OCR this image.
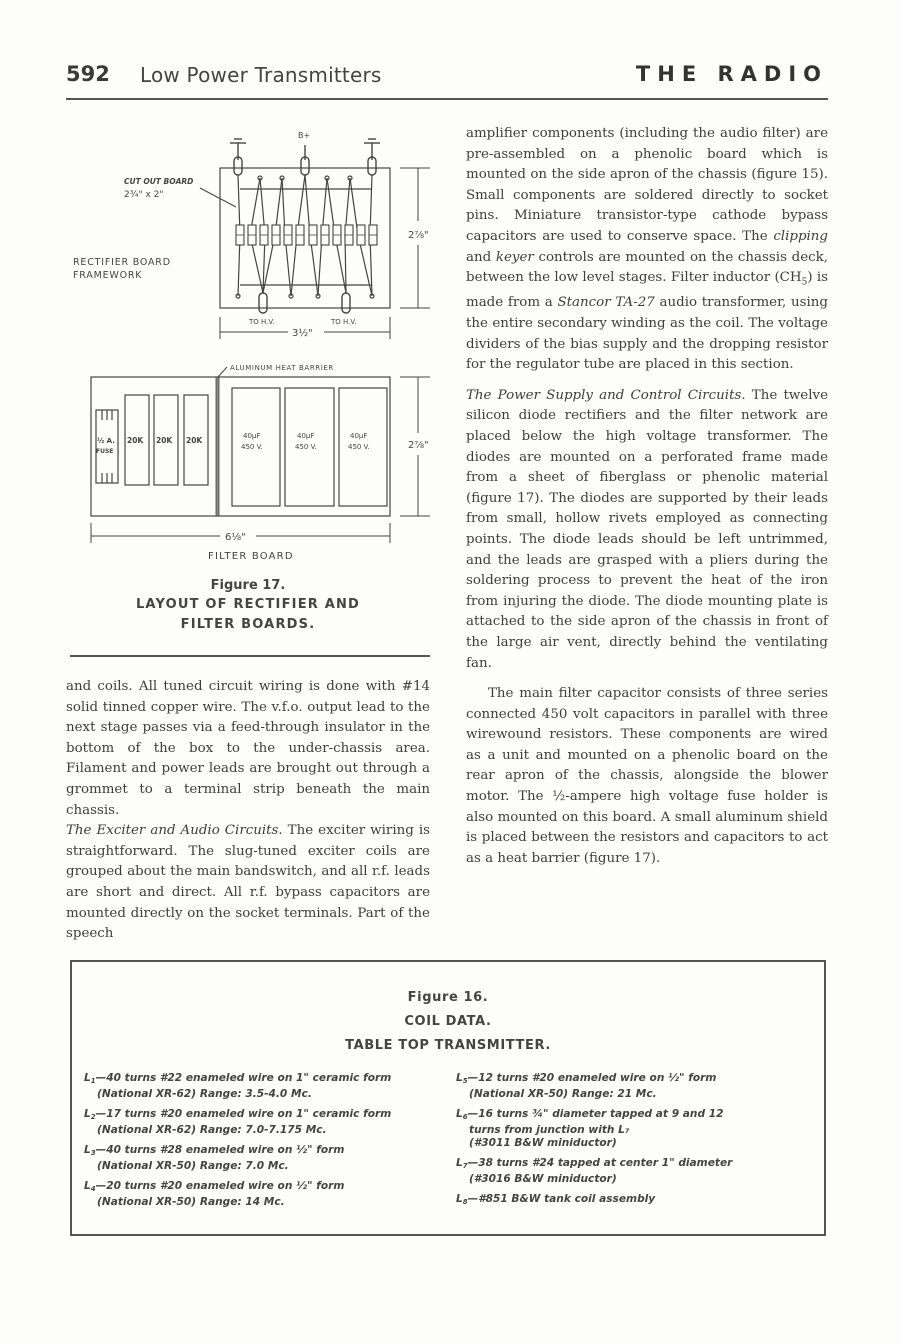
592 Low Power Transmitters	THE RADIO
B+
CUT OUT BOARD
2¾" x 2"
RECTIFIER BOARD
FRAMEWORK
TO H.V.	TO H.V.
3½"
2⅞"
ALUMINUM HEAT BARRIER
½ A.
FUSE
20K 20K 20K	40µF
450 V.
40µF
450 V.
40µF
450 V.	2⅞"
6⅛"
FILTER BOARD
Figure 17.
LAYOUT OF RECTIFIER AND
FILTER BOARDS.

and coils. All tuned circuit wiring is done with #14 solid tinned copper wire. The v.f.o. output lead to the next stage passes via a feed-through insulator in the bottom of the box to the under-chassis area. Filament and power leads are brought out through a grommet to a terminal strip beneath the main chassis.

The Exciter and Audio Circuits. The exciter wiring is straightforward. The slug-tuned exciter coils are grouped about the main bandswitch, and all r.f. leads are short and direct. All r.f. bypass capacitors are mounted directly on the socket terminals. Part of the speech

amplifier components (including the audio filter) are pre-assembled on a phenolic board which is mounted on the side apron of the chassis (figure 15). Small components are soldered directly to socket pins. Miniature transistor-type cathode bypass capacitors are used to conserve space. The clipping and keyer controls are mounted on the chassis deck, between the low level stages. Filter inductor $(CH_5)$ is made from a Stancor TA-27 audio transformer, using the entire secondary winding as the coil. The voltage dividers of the bias supply and the dropping resistor for the regulator tube are placed in this section.

The Power Supply and Control Circuits. The twelve silicon diode rectifiers and the filter network are placed below the high voltage transformer. The diodes are mounted on a perforated frame made from a sheet of fiberglass or phenolic material (figure 17). The diodes are supported by their leads from small, hollow rivets employed as connecting points. The diode leads should be left untrimmed, and the leads are grasped with a pliers during the soldering process to prevent the heat of the iron from injuring the diode. The diode mounting plate is attached to the side apron of the chassis in front of the large air vent, directly behind the ventilating fan.

The main filter capacitor consists of three series connected 450 volt capacitors in parallel with three wirewound resistors. These components are wired as a unit and mounted on a phenolic board on the rear apron of the chassis, alongside the blower motor. The ½-ampere high voltage fuse holder is also mounted on this board. A small aluminum shield is placed between the resistors and capacitors to act as a heat barrier (figure 17).

Figure 16.
COIL DATA.
TABLE TOP TRANSMITTER.
$L_1—40$ turns #22 enameled wire on 1" ceramic form
(National XR-62) Range: 3.5-4.0 Mc.
$L_2—17$ turns #20 enameled wire on 1" ceramic form
(National XR-62) Range: 7.0-7.175 Mc.
$L_3—40$ turns #28 enameled wire on ½" form
(National XR-50) Range: 7.0 Mc.
$L_4—20$ turns #20 enameled wire on ½" form
(National XR-50) Range: 14 Mc.
$L_5—12$ turns #20 enameled wire on ½" form
(National XR-50) Range: 21 Mc.
$L_6—16$ turns ¾" diameter tapped at 9 and 12
turns from junction with L₇
(#3011 B&W miniductor)
$L_7—38$ turns #24 tapped at center 1" diameter
(#3016 B&W miniductor)
$L_8—\#851$ B&W tank coil assembly
